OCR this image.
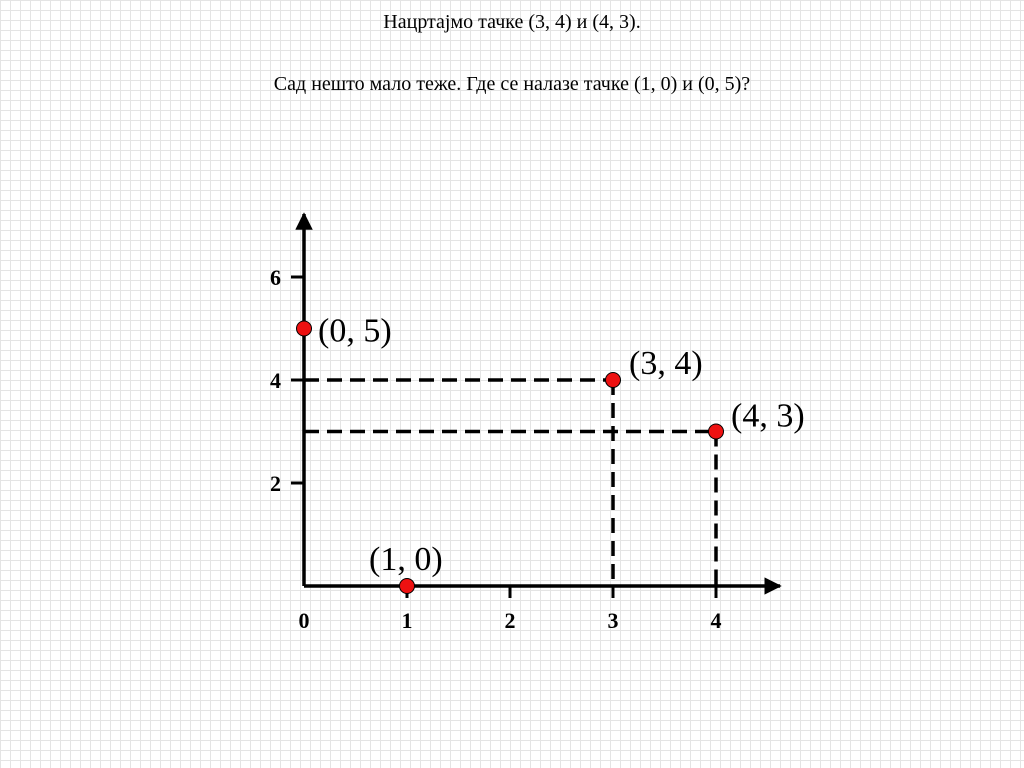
Нацртајмо тачке (3, 4) и (4, 3).
Сад нешто мало теже. Где се налазе тачке (1, 0) и (0, 5)?
0	1	2	3	4
2
4
6
(3, 4)
(4, 3)
(1, 0)
(0, 5)
